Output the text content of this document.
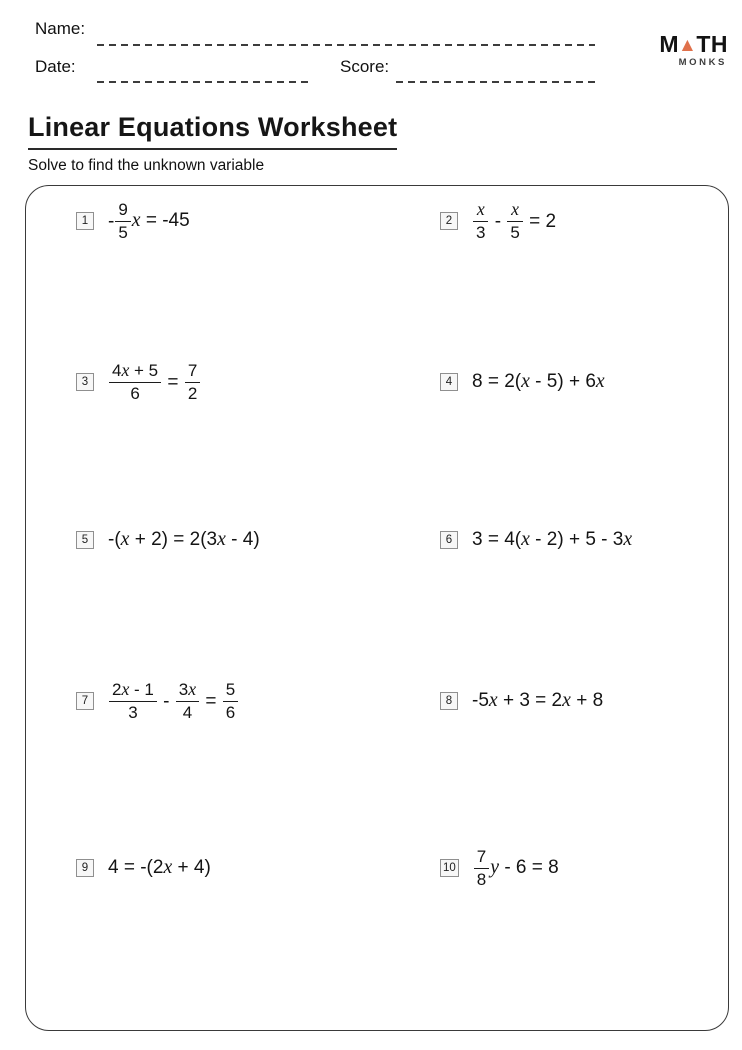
Name:
Date:	Score:
M▲TH
MONKS
Linear Equations Worksheet
Solve to find the unknown variable
1	- $\frac{9}{5}$ x = -45	2	$\frac{x}{3} - \frac{x}{5} = 2$
3	$\frac{4x + 5}{6} = \frac{7}{2}$	4	8 = 2(x - 5) + 6x
5	-(x + 2) = 2(3x - 4)	6	3 = 4(x - 2) + 5 - 3x
7	$\frac{2x - 1}{3} - \frac{3x}{4} = \frac{5}{6}$	8	-5x + 3 = 2x + 8
9	4 = -(2x + 4)	$10 \frac{7}{8}$ y - 6 = 8
